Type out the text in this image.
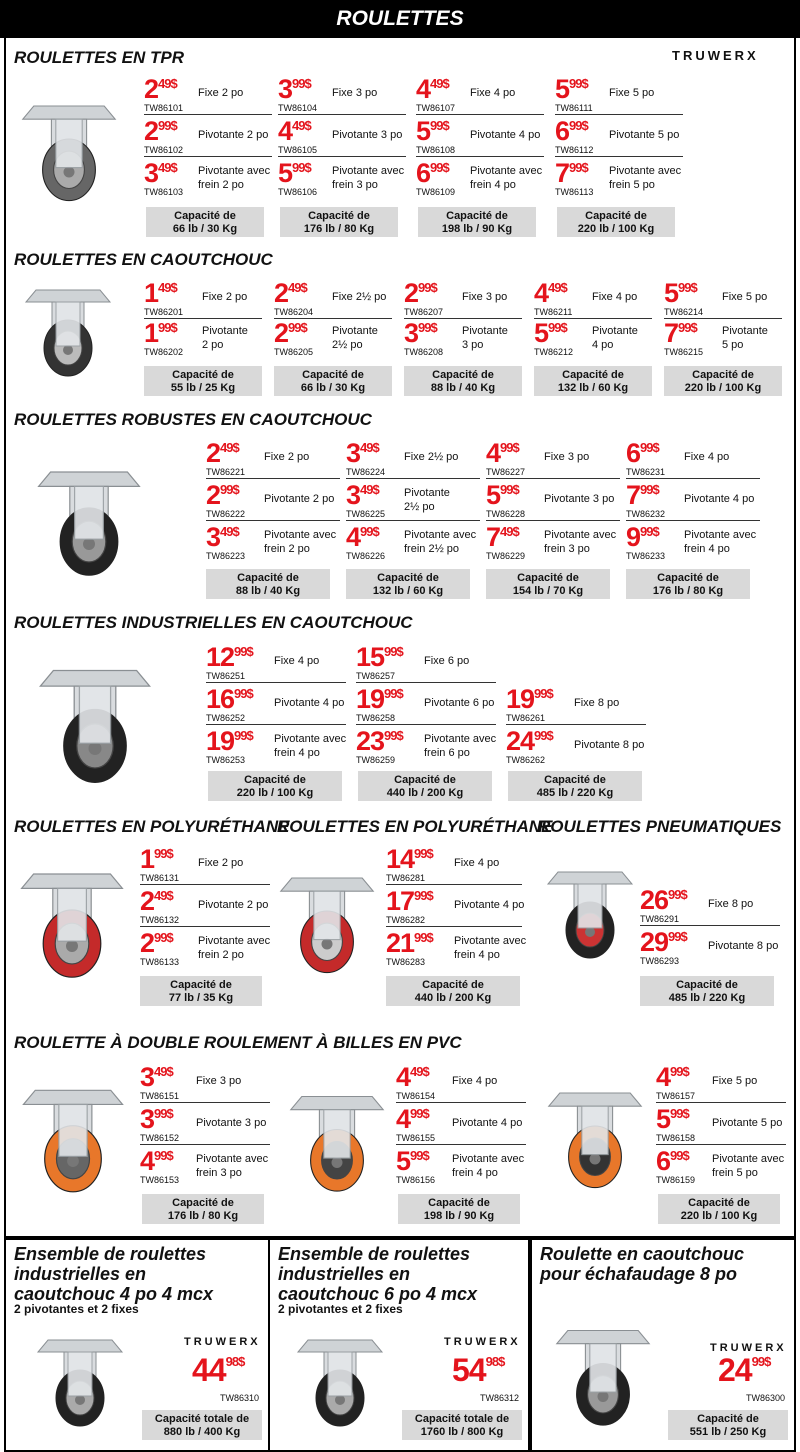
ROULETTES
ROULETTES EN TPR
$2^{49\$}$
TW86101
Fixe 2 po
$2^{99\$}$
TW86102
Pivotante 2 po
$3^{49\$}$
TW86103
Pivotante avec
frein 2 po
Capacité de
66 lb / 30 Kg
$3^{99\$}$
TW86104
Fixe 3 po
$4^{49\$}$
TW86105
Pivotante 3 po
$5^{99\$}$
TW86106
Pivotante avec
frein 3 po
Capacité de
176 lb / 80 Kg
$4^{49\$}$
TW86107
Fixe 4 po
$5^{99\$}$
TW86108
Pivotante 4 po
$6^{99\$}$
TW86109
Pivotante avec
frein 4 po
Capacité de
198 lb / 90 Kg
$5^{99\$}$
TW86111
Fixe 5 po
$6^{99\$}$
TW86112
Pivotante 5 po
$7^{99\$}$
TW86113
Pivotante avec
frein 5 po
Capacité de
220 lb / 100 Kg
TRUWERX
ROULETTES EN CAOUTCHOUC
$1^{49\$}$
TW86201
Fixe 2 po
$1^{99\$}$
TW86202
Pivotante
2 po
Capacité de
55 lb / 25 Kg
$2^{49\$}$
TW86204
Fixe 2½ po
$2^{99\$}$
TW86205
Pivotante
2½ po
Capacité de
66 lb / 30 Kg
$2^{99\$}$
TW86207
Fixe 3 po
$3^{99\$}$
TW86208
Pivotante
3 po
Capacité de
88 lb / 40 Kg
$4^{49\$}$
TW86211
Fixe 4 po
$5^{99\$}$
TW86212
Pivotante
4 po
Capacité de
132 lb / 60 Kg
$5^{99\$}$
TW86214
Fixe 5 po
$7^{99\$}$
TW86215
Pivotante
5 po
Capacité de
220 lb / 100 Kg
ROULETTES ROBUSTES EN CAOUTCHOUC
$2^{49\$}$
TW86221
Fixe 2 po
$2^{99\$}$
TW86222
Pivotante 2 po
$3^{49\$}$
TW86223
Pivotante avec
frein 2 po
Capacité de
88 lb / 40 Kg
$3^{49\$}$
TW86224
Fixe 2½ po
$3^{49\$}$
TW86225
Pivotante
2½ po
$4^{99\$}$
TW86226
Pivotante avec
frein 2½ po
Capacité de
132 lb / 60 Kg
$4^{99\$}$
TW86227
Fixe 3 po
$5^{99\$}$
TW86228
Pivotante 3 po
$7^{49\$}$
TW86229
Pivotante avec
frein 3 po
Capacité de
154 lb / 70 Kg
$6^{99\$}$
TW86231
Fixe 4 po
$7^{99\$}$
TW86232
Pivotante 4 po
$9^{99\$}$
TW86233
Pivotante avec
frein 4 po
Capacité de
176 lb / 80 Kg
ROULETTES INDUSTRIELLES EN CAOUTCHOUC
$12^{99\$}$
TW86251
Fixe 4 po
$16^{99\$}$
TW86252
Pivotante 4 po
$19^{99\$}$
TW86253
Pivotante avec
frein 4 po
Capacité de
220 lb / 100 Kg
$15^{99\$}$
TW86257
Fixe 6 po
$19^{99\$}$
TW86258
Pivotante 6 po
$23^{99\$}$
TW86259
Pivotante avec
frein 6 po
Capacité de
440 lb / 200 Kg
$19^{99\$}$
TW86261
Fixe 8 po
$24^{99\$}$
TW86262
Pivotante 8 po
Capacité de
485 lb / 220 Kg
ROULETTES EN POLYURÉTHANE
$1^{99\$}$
TW86131
Fixe 2 po
$2^{49\$}$
TW86132
Pivotante 2 po
$2^{99\$}$
TW86133
Pivotante avec
frein 2 po
Capacité de
77 lb / 35 Kg
ROULETTES EN POLYURÉTHANE
$14^{99\$}$
TW86281
Fixe 4 po
$17^{99\$}$
TW86282
Pivotante 4 po
$21^{99\$}$
TW86283
Pivotante avec
frein 4 po
Capacité de
440 lb / 200 Kg
ROULETTES PNEUMATIQUES
$26^{99\$}$
TW86291
Fixe 8 po
$29^{99\$}$
TW86293
Pivotante 8 po
Capacité de
485 lb / 220 Kg
ROULETTE À DOUBLE ROULEMENT À BILLES EN PVC
$3^{49\$}$
TW86151
Fixe 3 po
$3^{99\$}$
TW86152
Pivotante 3 po
$4^{99\$}$
TW86153
Pivotante avec
frein 3 po
Capacité de
176 lb / 80 Kg
$4^{49\$}$
TW86154
Fixe 4 po
$4^{99\$}$
TW86155
Pivotante 4 po
$5^{99\$}$
TW86156
Pivotante avec
frein 4 po
Capacité de
198 lb / 90 Kg
$4^{99\$}$
TW86157
Fixe 5 po
$5^{99\$}$
TW86158
Pivotante 5 po
$6^{99\$}$
TW86159
Pivotante avec
frein 5 po
Capacité de
220 lb / 100 Kg
Ensemble de roulettes
industrielles en
caoutchouc 4 po 4 mcx
2 pivotantes et 2 fixes
TRUWERX
$44^{98\$}$
TW86310
Capacité totale de
880 lb / 400 Kg
Ensemble de roulettes
industrielles en
caoutchouc 6 po 4 mcx
2 pivotantes et 2 fixes
TRUWERX
$54^{98\$}$
TW86312
Capacité totale de
1760 lb / 800 Kg
Roulette en caoutchouc
pour échafaudage 8 po
TRUWERX
$24^{99\$}$
TW86300
Capacité de
551 lb / 250 Kg
